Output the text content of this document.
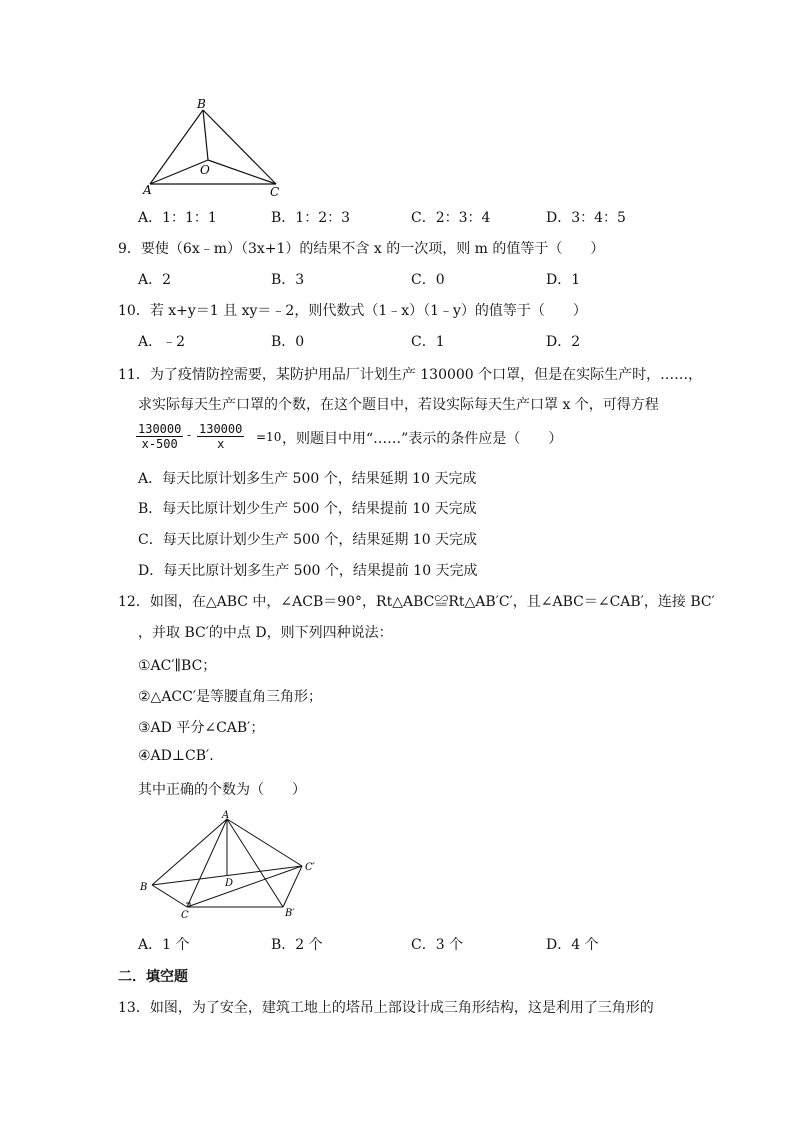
B
O
A	C
A．1：1：1	B．1：2：3	C．2：3：4	D．3：4：5
9．要使（6x﹣m）（3x+1）的结果不含 x 的一次项，则 m 的值等于（　　）
A．2	B．3	C．0	D．1
10．若 x+y＝1 且 xy＝﹣2，则代数式（1﹣x）（1﹣y）的值等于（　　）
A．﹣2	B．0	C．1	D．2
11．为了疫情防控需要，某防护用品厂计划生产 130000 个口罩，但是在实际生产时，……，
求实际每天生产口罩的个数，在这个题目中，若设实际每天生产口罩 x 个，可得方程
$\frac{130000}{x-500} - \frac{130000}{x} =10$ ，则题目中用“……”表示的条件应是（　　）
A．每天比原计划多生产 500 个，结果延期 10 天完成
B．每天比原计划少生产 500 个，结果提前 10 天完成
C．每天比原计划少生产 500 个，结果延期 10 天完成
D．每天比原计划多生产 500 个，结果提前 10 天完成
12．如图，在△ABC 中，∠ACB＝90°，Rt△ABC≌Rt△AB′C′，且∠ABC＝∠CAB′，连接 BC′
，并取 BC′的中点 D，则下列四种说法：
①AC′∥BC；
②△ACC′是等腰直角三角形；
③AD 平分∠CAB′；
④AD⊥CB′.
其中正确的个数为（　　）
A
B	D
C′
C	B′
A．1 个	B．2 个	C．3 个	D．4 个
二．填空题
13．如图，为了安全，建筑工地上的塔吊上部设计成三角形结构，这是利用了三角形的
